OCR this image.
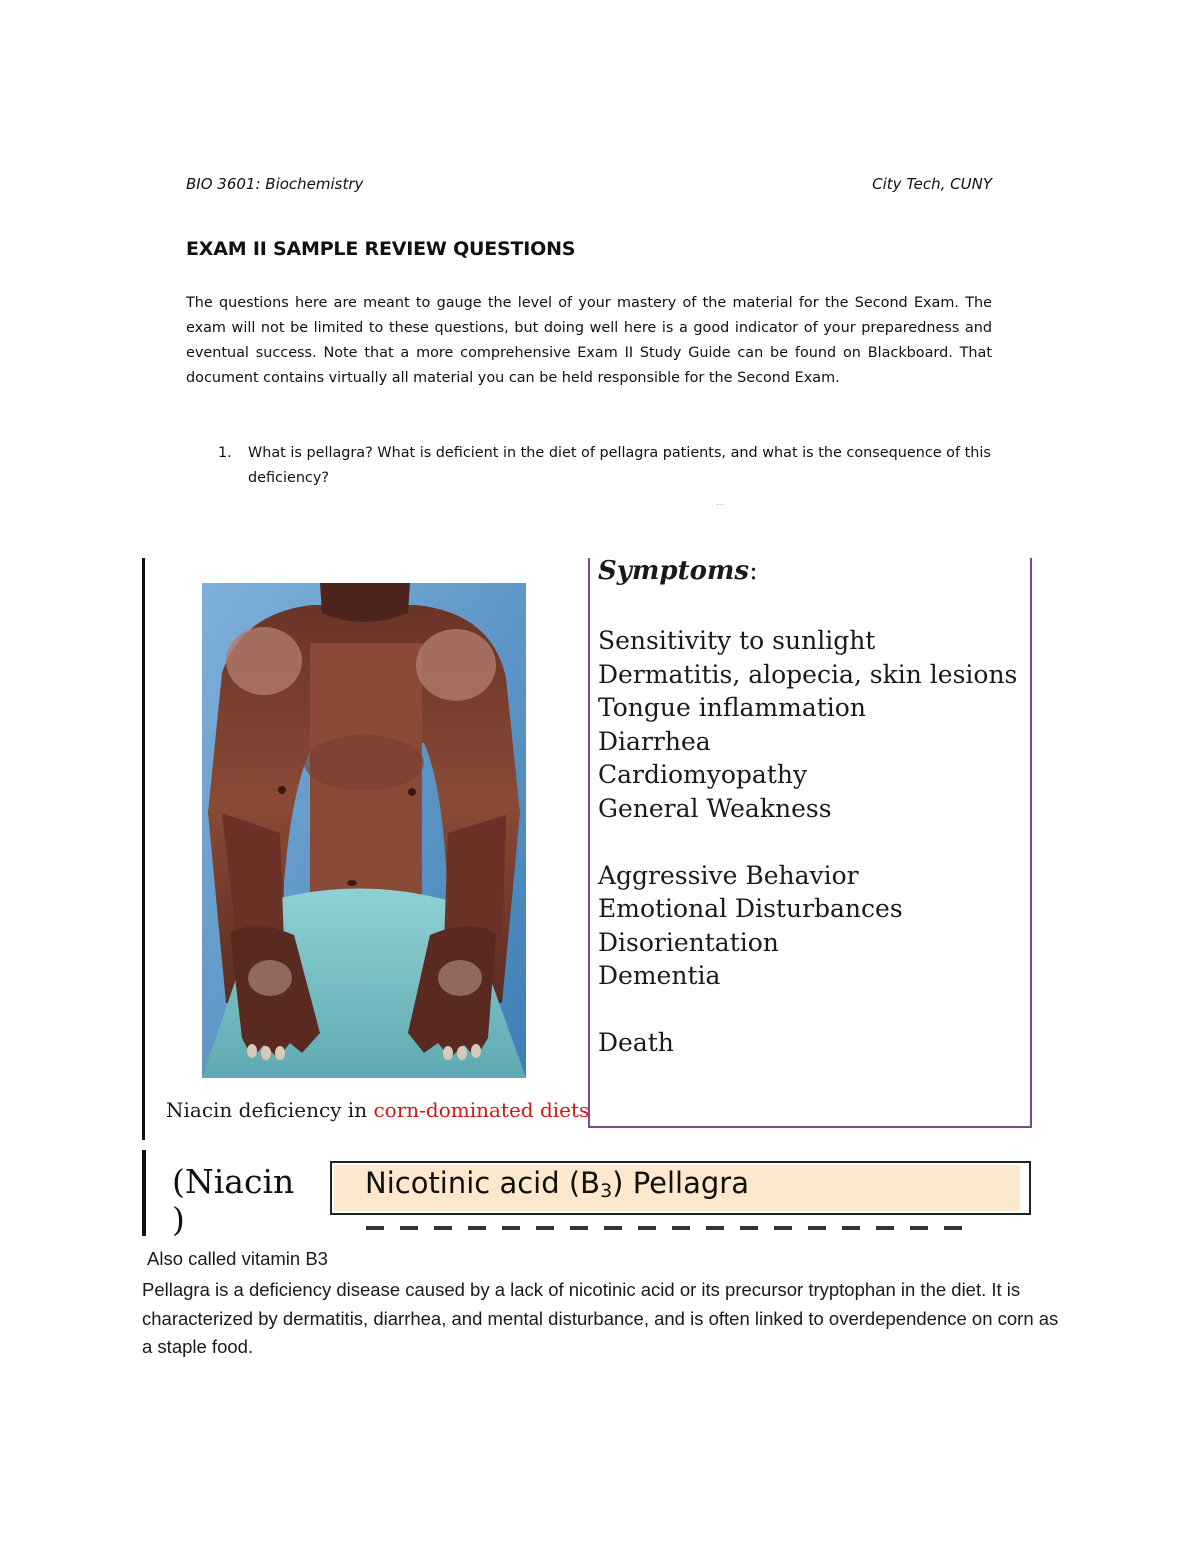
BIO 3601: Biochemistry	City Tech, CUNY
EXAM II SAMPLE REVIEW QUESTIONS
The questions here are meant to gauge the level of your mastery of the material for the Second Exam. The exam will not be limited to these questions, but doing well here is a good indicator of your preparedness and eventual success. Note that a more comprehensive Exam II Study Guide can be found on Blackboard. That document contains virtually all material you can be held responsible for the Second Exam.
1. What is pellagra? What is deficient in the diet of pellagra patients, and what is the consequence of this deficiency?
⋯
Niacin deficiency in corn-dominated diets
Symptoms:
Sensitivity to sunlight
Dermatitis, alopecia, skin lesions
Tongue inflammation
Diarrhea
Cardiomyopathy
General Weakness
Aggressive Behavior
Emotional Disturbances
Disorientation
Dementia
Death
(Niacin
)
Nicotinic acid $(B_3)$ Pellagra
Also called vitamin B3
Pellagra is a deficiency disease caused by a lack of nicotinic acid or its precursor tryptophan in the diet. It is characterized by dermatitis, diarrhea, and mental disturbance, and is often linked to overdependence on corn as a staple food.
